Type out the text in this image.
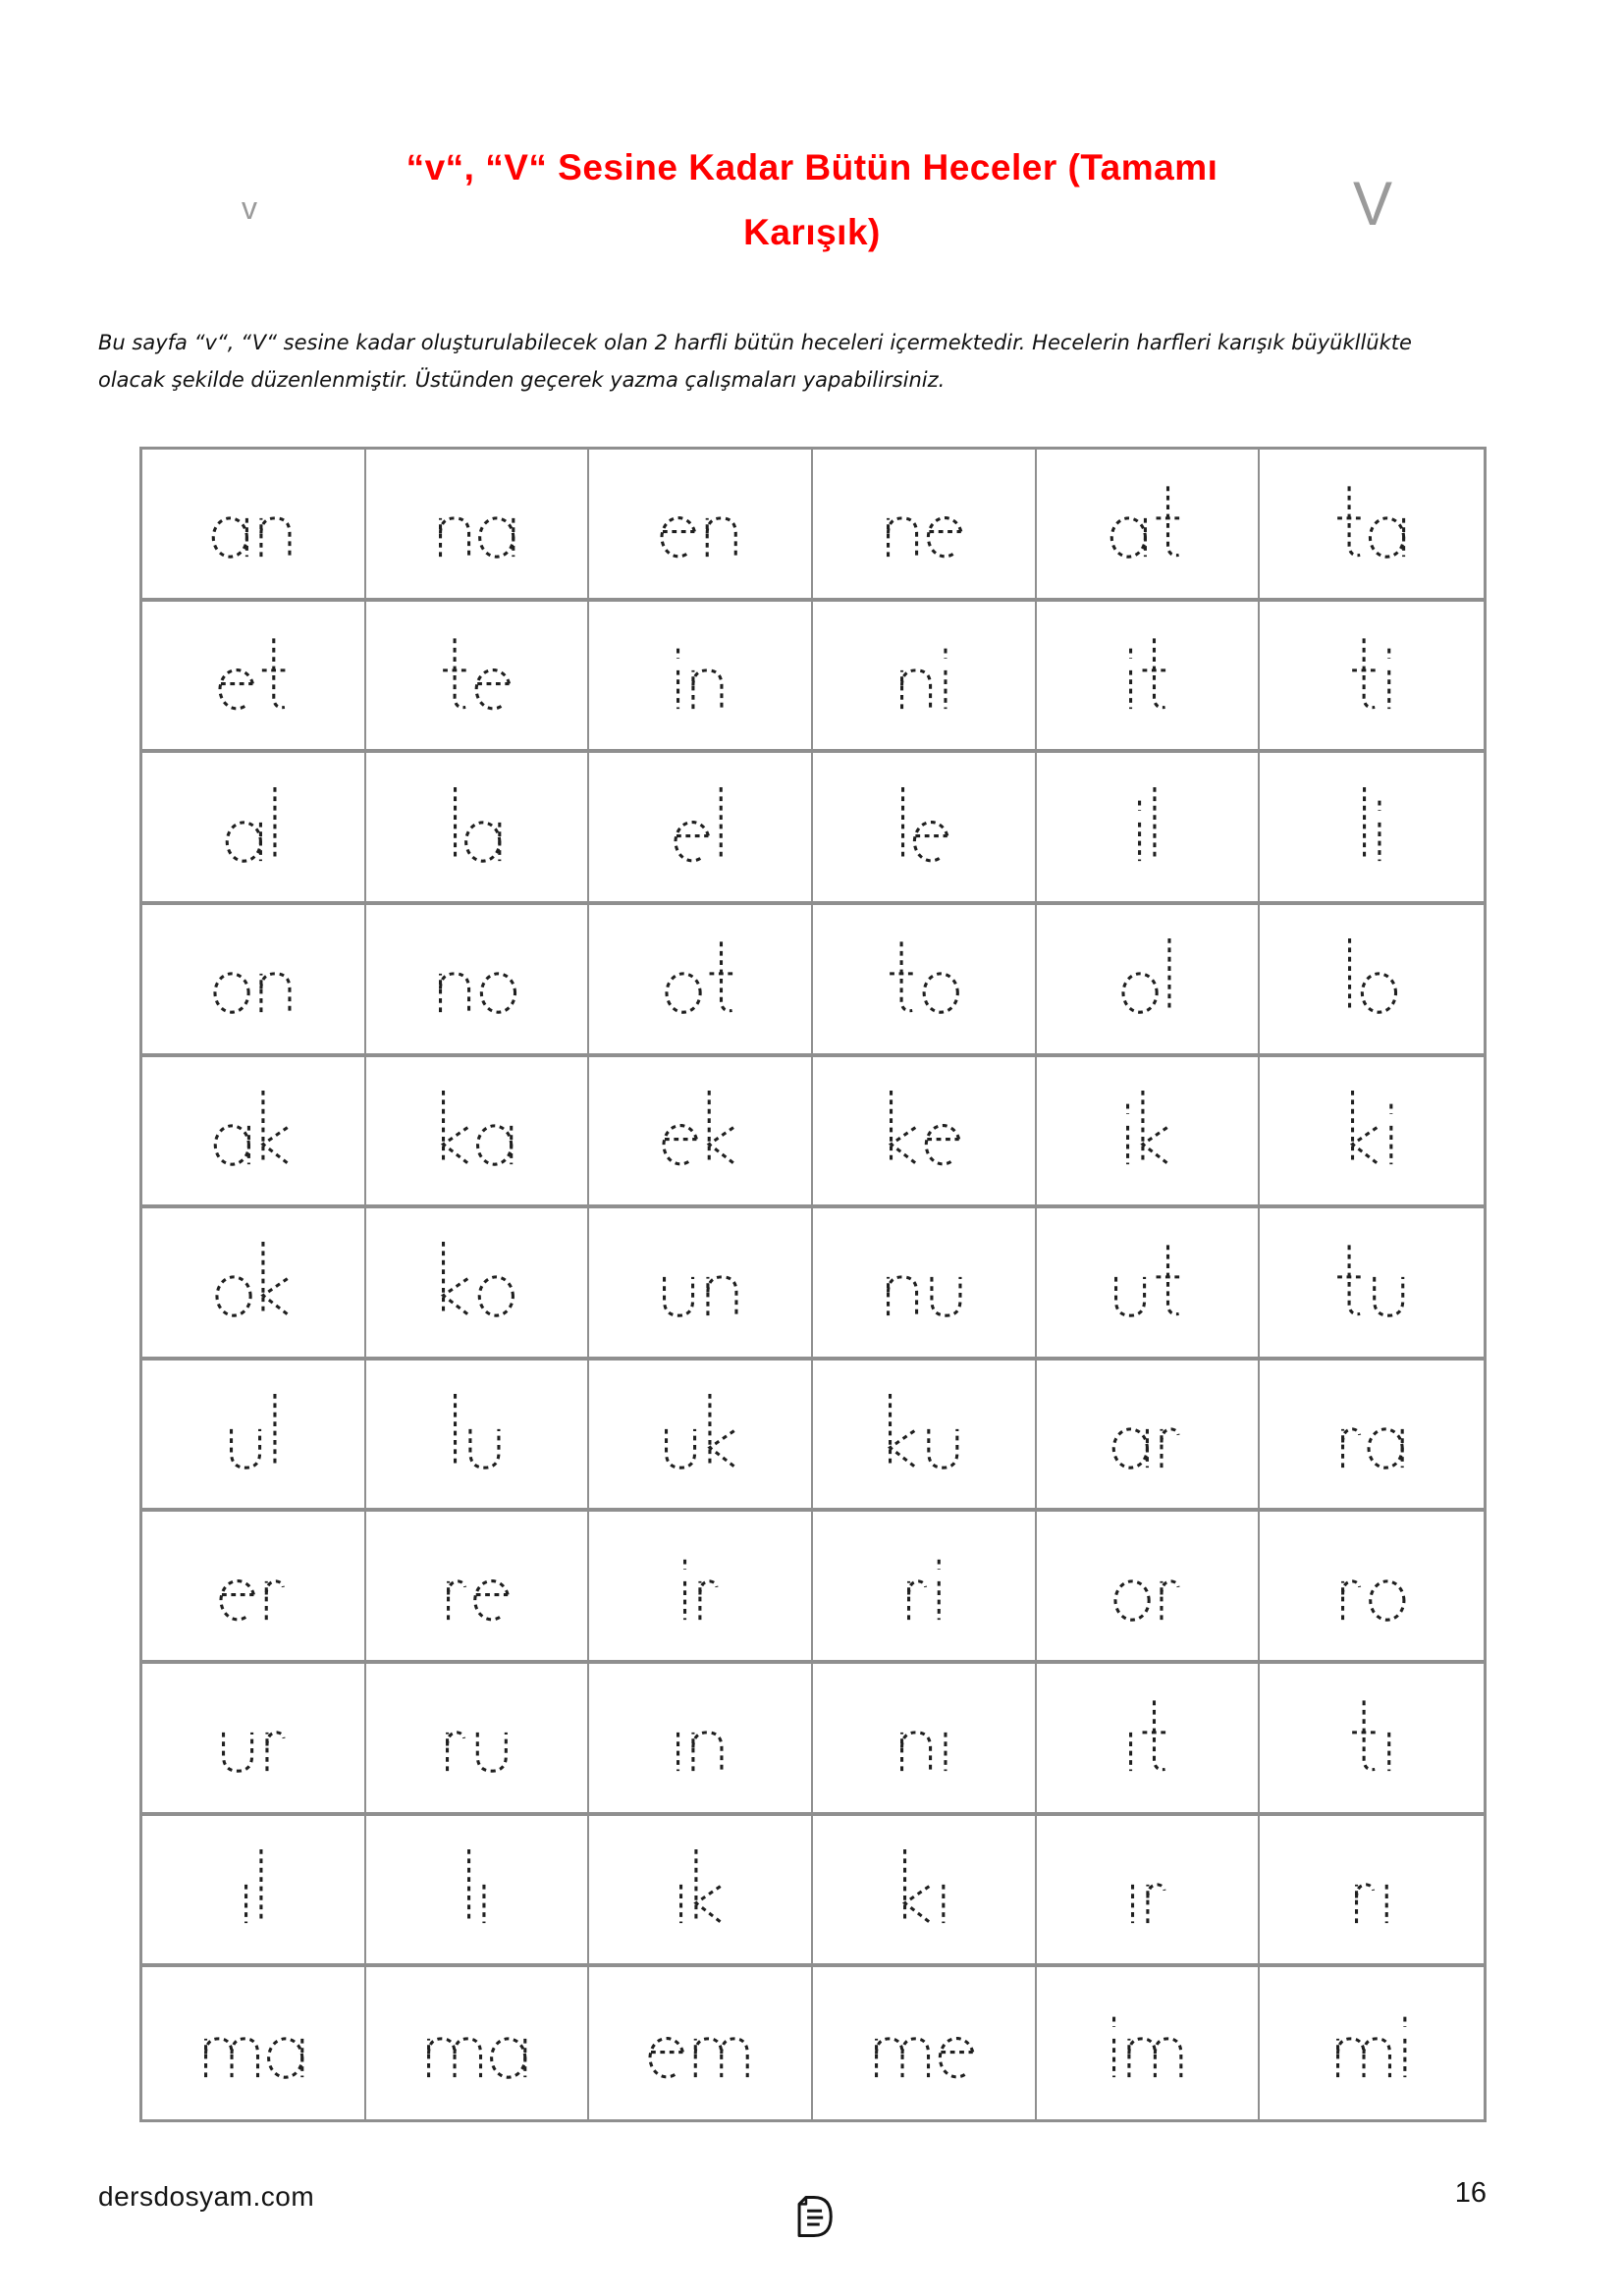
v	V
“v“, “V“ Sesine Kadar Bütün Heceler (Tamamı
Karışık)
Bu sayfa “v“, “V“ sesine kadar oluşturulabilecek olan 2 harfli bütün heceleri içermektedir. Hecelerin harfleri karışık büyükllükte olacak şekilde düzenlenmiştir. Üstünden geçerek yazma çalışmaları yapabilirsiniz.
dersdosyam.com	16
